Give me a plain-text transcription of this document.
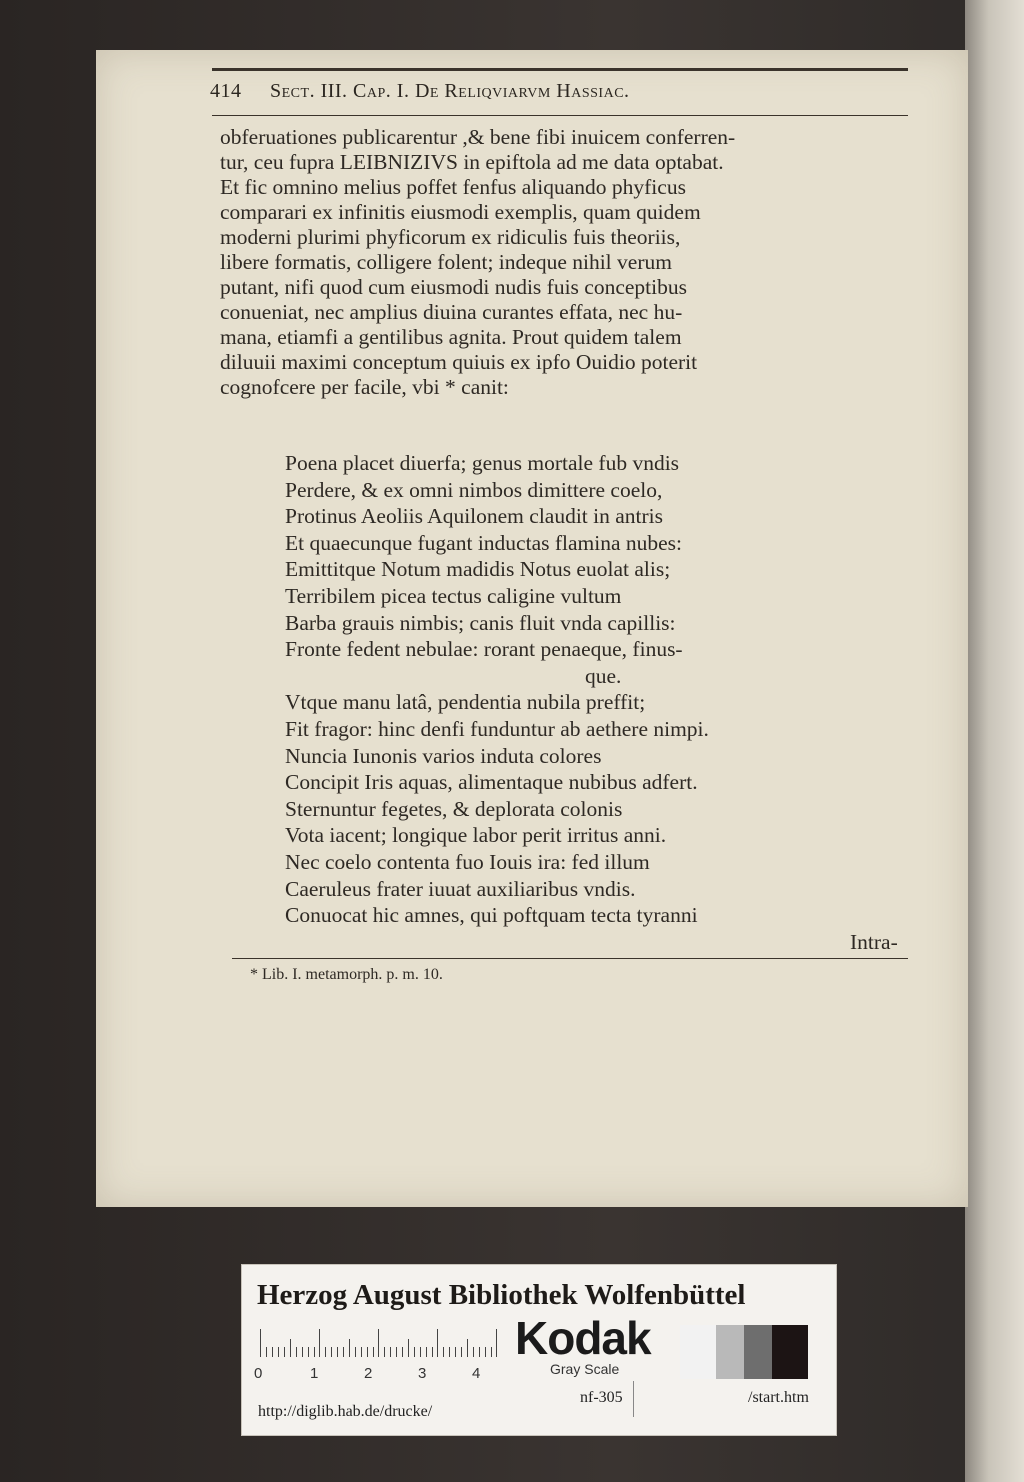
414 Sect. III. Cap. I. De Reliqviarvm Hassiac.
obferuationes publicarentur ,& bene fibi inuicem conferren-
tur, ceu fupra LEIBNIZIVS in epiftola ad me data optabat.
Et fic omnino melius poffet fenfus aliquando phyficus
comparari ex infinitis eiusmodi exemplis, quam quidem
moderni plurimi phyficorum ex ridiculis fuis theoriis,
libere formatis, colligere folent; indeque nihil verum
putant, nifi quod cum eiusmodi nudis fuis conceptibus
conueniat, nec amplius diuina curantes effata, nec hu-
mana, etiamfi a gentilibus agnita. Prout quidem talem
diluuii maximi conceptum quiuis ex ipfo Ouidio poterit
cognofcere per facile, vbi * canit:
Poena placet diuerfa; genus mortale fub vndis
Perdere, & ex omni nimbos dimittere coelo,
Protinus Aeoliis Aquilonem claudit in antris
Et quaecunque fugant inductas flamina nubes:
Emittitque Notum madidis Notus euolat alis;
Terribilem picea tectus caligine vultum
Barba grauis nimbis; canis fluit vnda capillis:
Fronte fedent nebulae: rorant penaeque, finus-
que.
Vtque manu latâ, pendentia nubila preffit;
Fit fragor: hinc denfi funduntur ab aethere nimpi.
Nuncia Iunonis varios induta colores
Concipit Iris aquas, alimentaque nubibus adfert.
Sternuntur fegetes, & deplorata colonis
Vota iacent; longique labor perit irritus anni.
Nec coelo contenta fuo Iouis ira: fed illum
Caeruleus frater iuuat auxiliaribus vndis.
Conuocat hic amnes, qui poftquam tecta tyranni
Intra-
* Lib. I. metamorph. p. m. 10.
Herzog August Bibliothek Wolfenbüttel
0	1	2	3	4
Kodak
Gray Scale
http://diglib.hab.de/drucke/
nf-305	/start.htm
